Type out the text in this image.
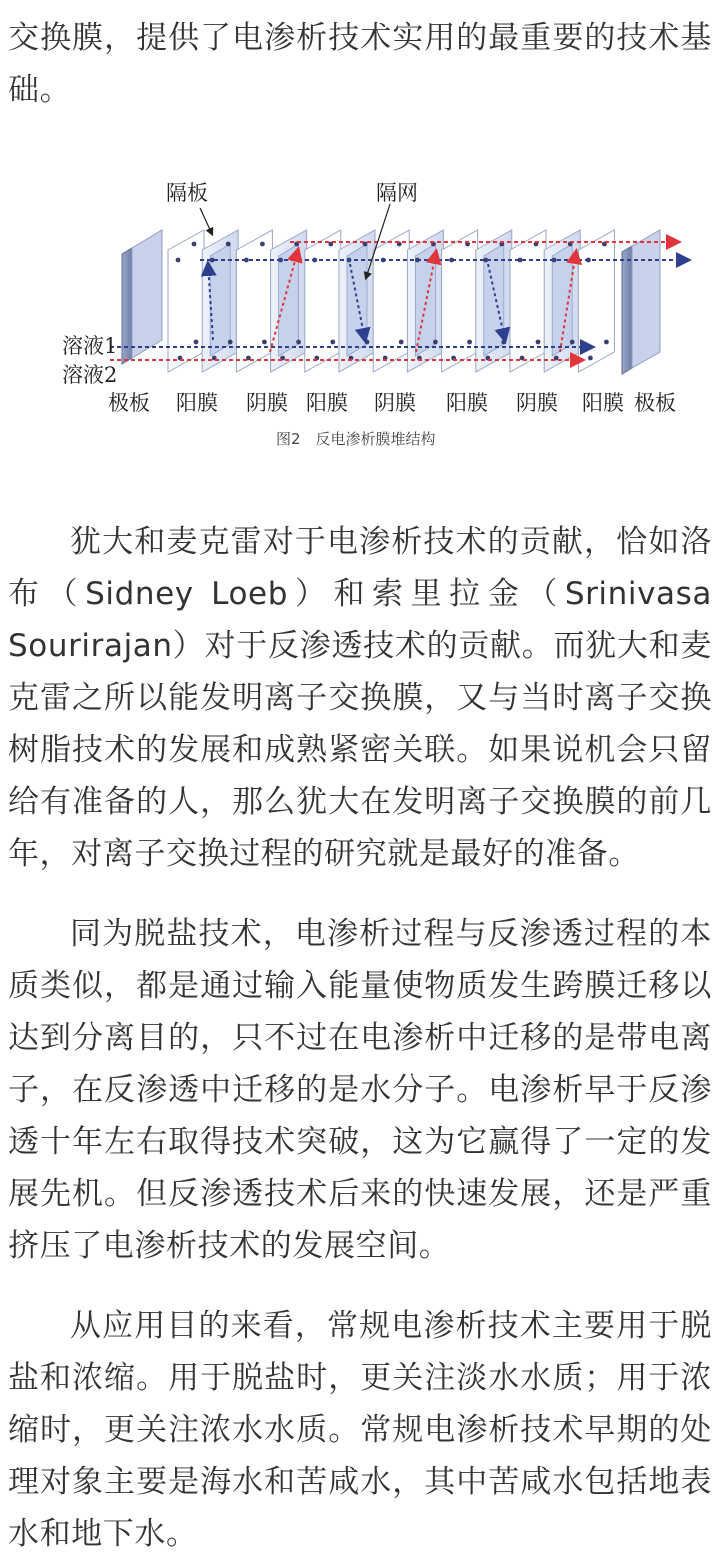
交换膜，提供了电渗析技术实用的最重要的技术基础。

隔板	隔网
溶液1
溶液2
极板 阳膜 阴膜 阳膜 阴膜 阳膜 阴膜 阳膜 极板
图2　反电渗析膜堆结构

犹大和麦克雷对于电渗析技术的贡献，恰如洛布（Sidney Loeb）和索里拉金（Srinivasa Sourirajan）对于反渗透技术的贡献。而犹大和麦克雷之所以能发明离子交换膜，又与当时离子交换树脂技术的发展和成熟紧密关联。如果说机会只留给有准备的人，那么犹大在发明离子交换膜的前几年，对离子交换过程的研究就是最好的准备。

同为脱盐技术，电渗析过程与反渗透过程的本质类似，都是通过输入能量使物质发生跨膜迁移以达到分离目的，只不过在电渗析中迁移的是带电离子，在反渗透中迁移的是水分子。电渗析早于反渗透十年左右取得技术突破，这为它赢得了一定的发展先机。但反渗透技术后来的快速发展，还是严重挤压了电渗析技术的发展空间。

从应用目的来看，常规电渗析技术主要用于脱盐和浓缩。用于脱盐时，更关注淡水水质；用于浓缩时，更关注浓水水质。常规电渗析技术早期的处理对象主要是海水和苦咸水，其中苦咸水包括地表水和地下水。
